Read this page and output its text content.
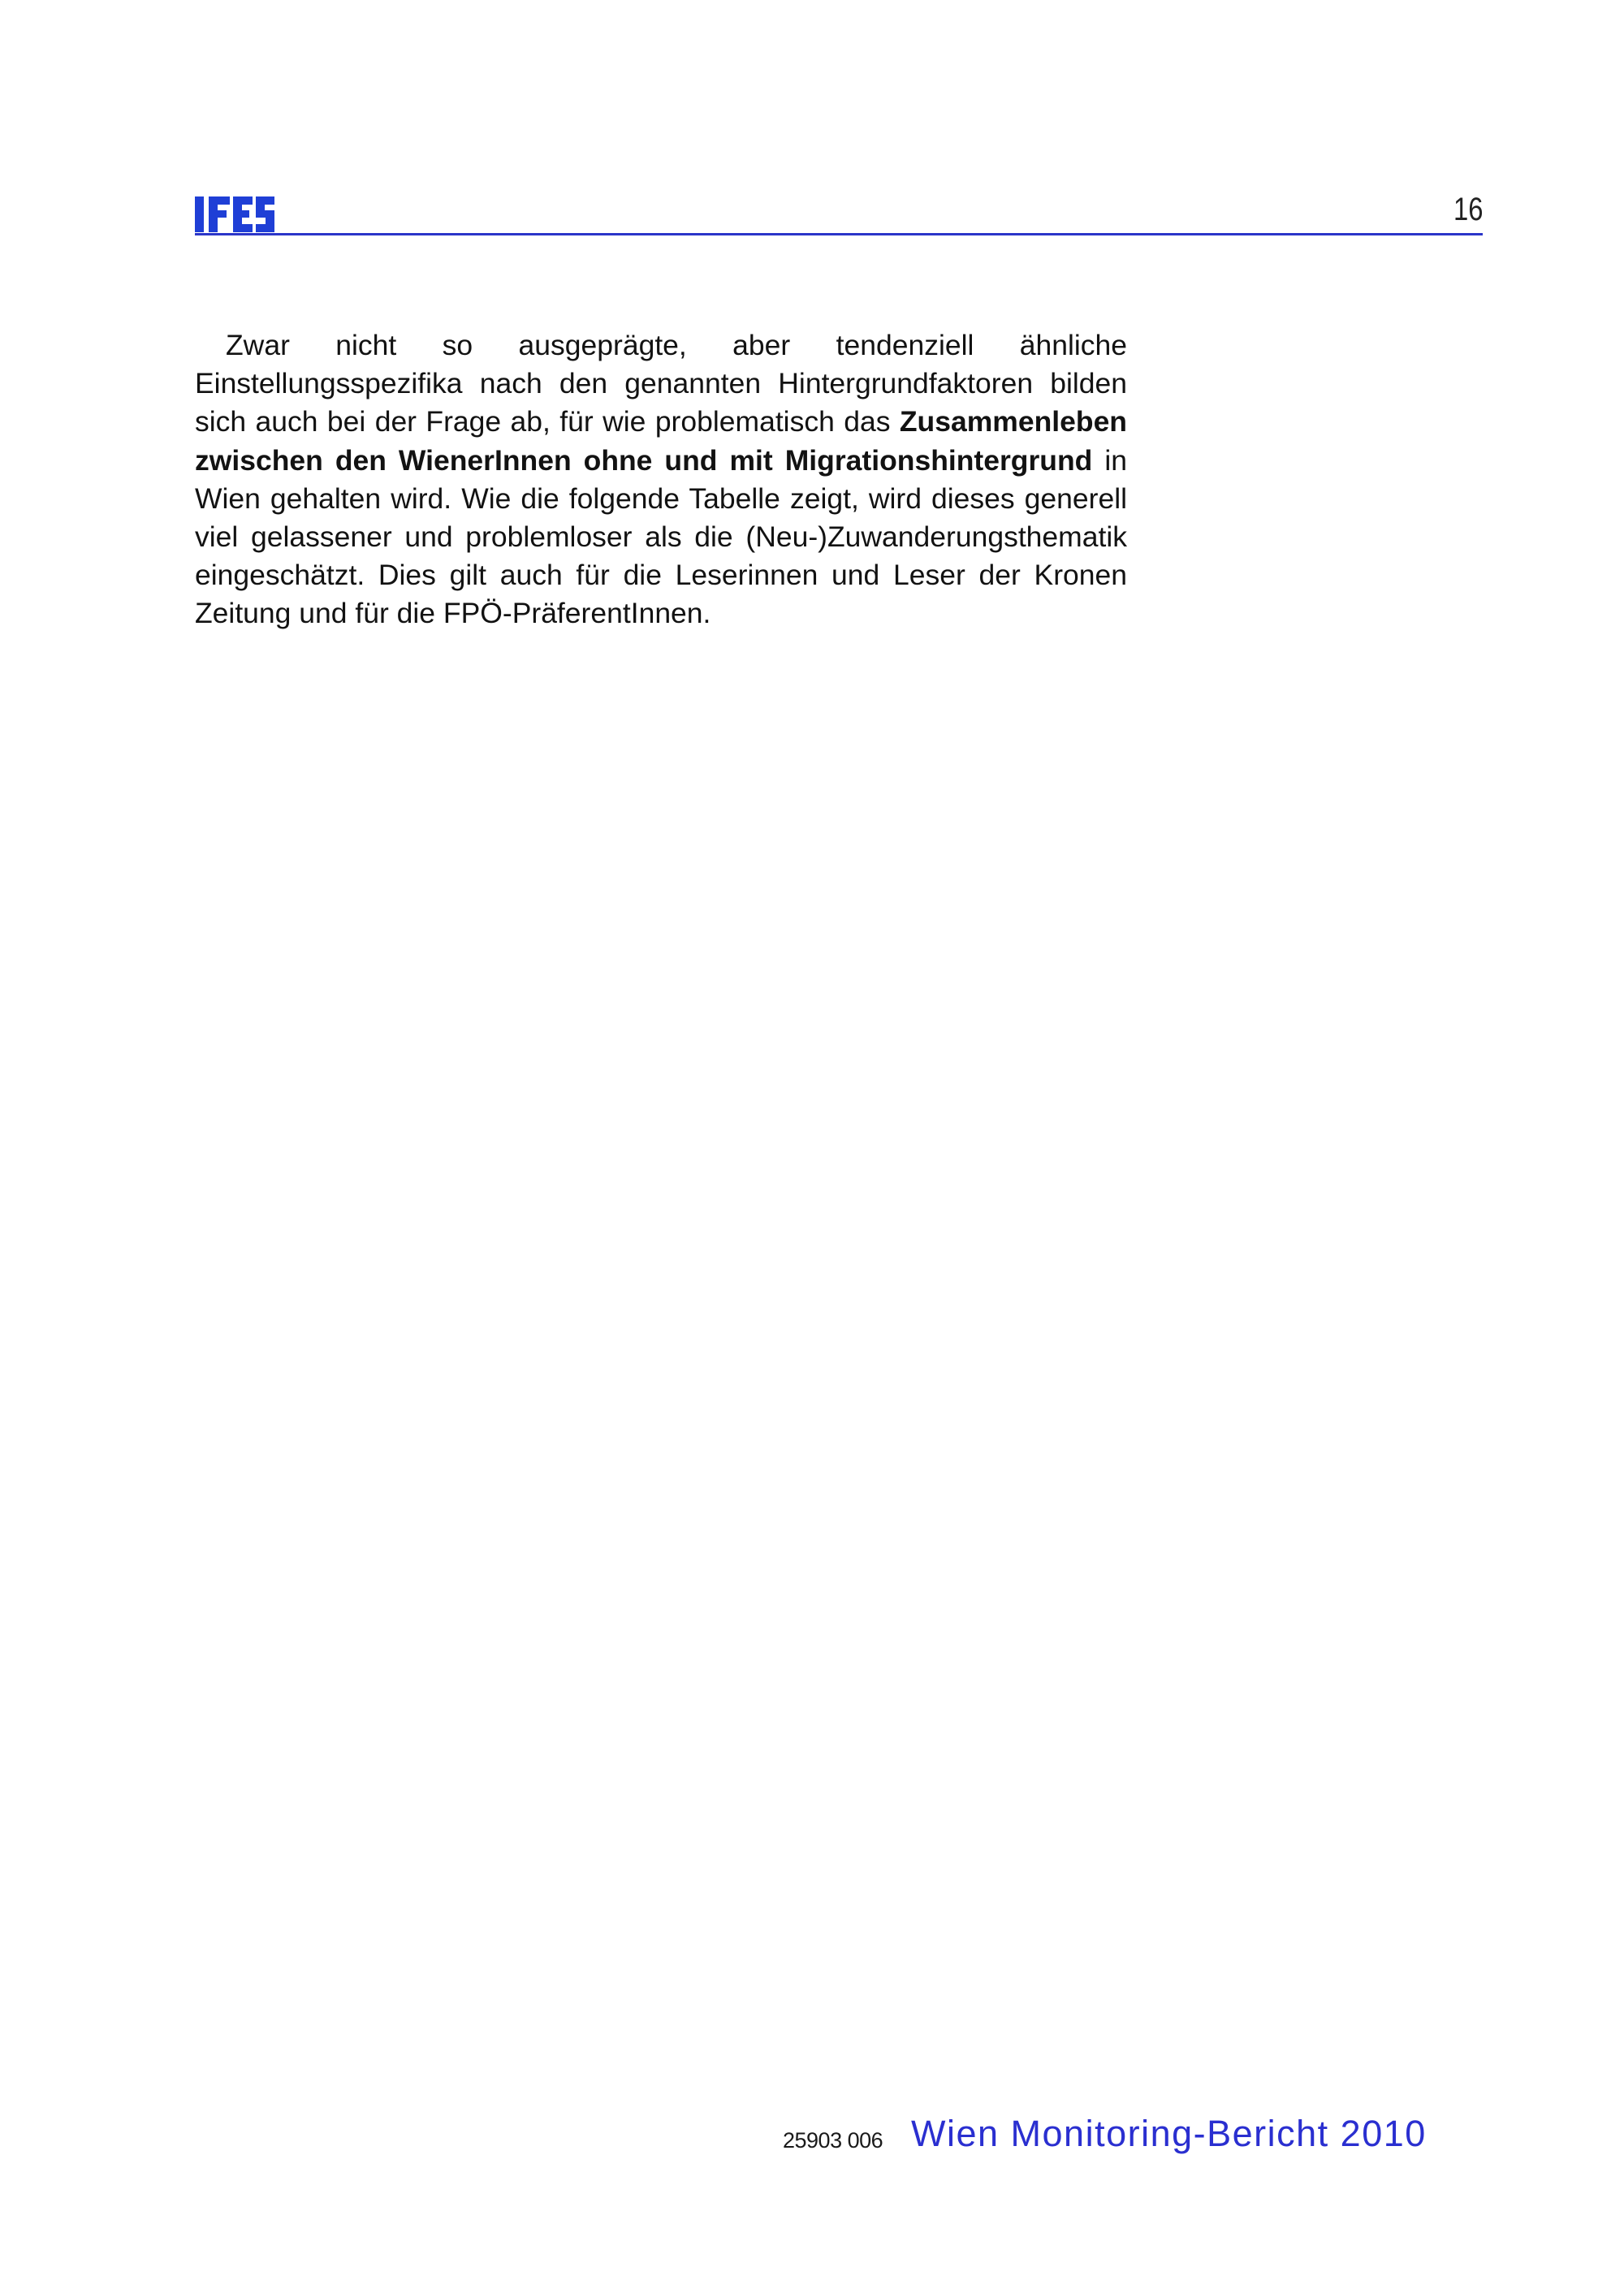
16

Zwar nicht so ausgeprägte, aber tendenziell ähnliche Einstellungsspezifika nach den genannten Hintergrundfaktoren bilden sich auch bei der Frage ab, für wie problematisch das Zusammenleben zwischen den WienerInnen ohne und mit Migrationshintergrund in Wien gehalten wird. Wie die folgende Tabelle zeigt, wird dieses generell viel gelassener und problemloser als die (Neu-)Zuwanderungsthematik eingeschätzt. Dies gilt auch für die Leserinnen und Leser der Kronen Zeitung und für die FPÖ-PräferentInnen.

25903 006 Wien Monitoring-Bericht 2010
